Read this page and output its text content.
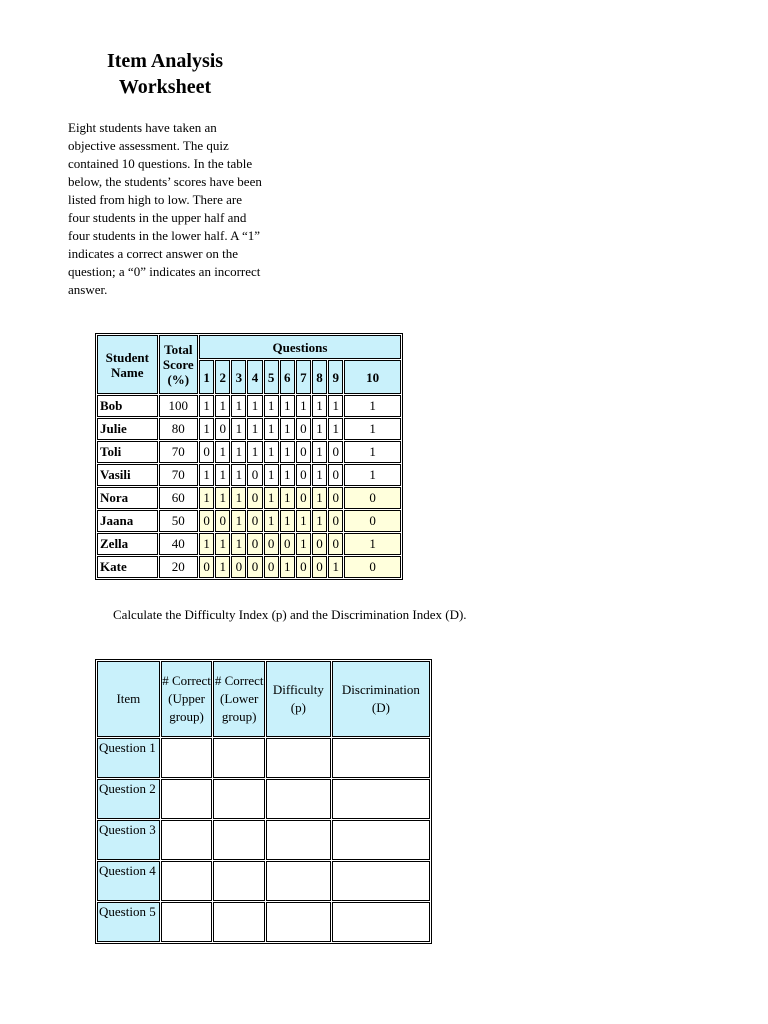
Item Analysis
Worksheet
Eight students have taken an objective assessment. The quiz contained 10 questions. In the table below, the students’ scores have been listed from high to low. There are four students in the upper half and four students in the lower half. A “1” indicates a correct answer on the question; a “0” indicates an incorrect answer.
Student Name	Total Score (%)	Questions									
		1	2	3	4	5	6	7	8	9	10
Bob	100	1	1	1	1	1	1	1	1	1	1
Julie	80	1	0	1	1	1	1	0	1	1	1
Toli	70	0	1	1	1	1	1	0	1	0	1
Vasili	70	1	1	1	0	1	1	0	1	0	1
Nora	60	1	1	1	0	1	1	0	1	0	0
Jaana	50	0	0	1	0	1	1	1	1	0	0
Zella	40	1	1	1	0	0	0	1	0	0	1
Kate	20	0	1	0	0	0	1	0	0	1	0
Calculate the Difficulty Index (p) and the Discrimination Index (D).
Item	# Correct (Upper group)	# Correct (Lower group)	Difficulty (p)	Discrimination (D)
Question 1				
Question 2				
Question 3				
Question 4				
Question 5				
